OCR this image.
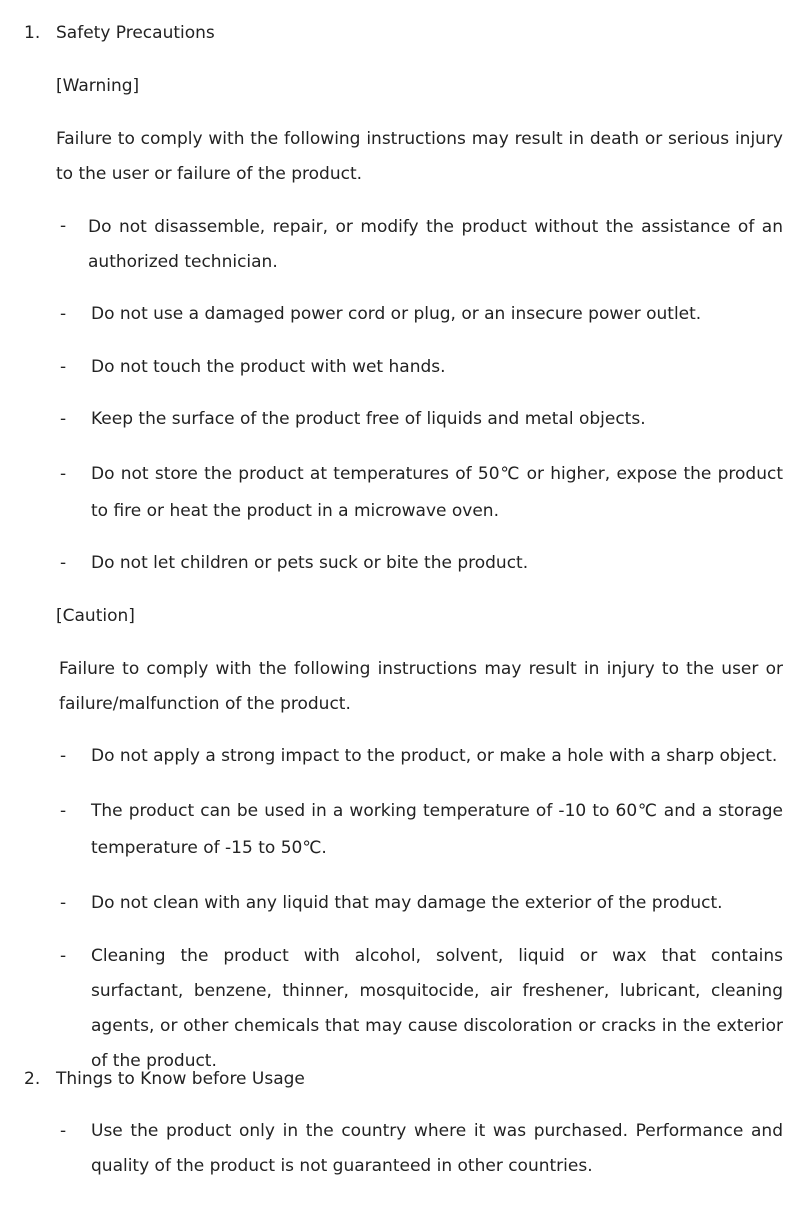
1. Safety Precautions
[Warning]
Failure to comply with the following instructions may result in death or serious injury to the user or failure of the product.
- Do not disassemble, repair, or modify the product without the assistance of an authorized technician.
- Do not use a damaged power cord or plug, or an insecure power outlet.
- Do not touch the product with wet hands.
- Keep the surface of the product free of liquids and metal objects.
- Do not store the product at temperatures of 50℃ or higher, expose the product to fire or heat the product in a microwave oven.
- Do not let children or pets suck or bite the product.
[Caution]
Failure to comply with the following instructions may result in injury to the user or failure/malfunction of the product.
- Do not apply a strong impact to the product, or make a hole with a sharp object.
- The product can be used in a working temperature of -10 to 60℃ and a storage temperature of -15 to 50℃.
- Do not clean with any liquid that may damage the exterior of the product.
- Cleaning the product with alcohol, solvent, liquid or wax that contains surfactant, benzene, thinner, mosquitocide, air freshener, lubricant, cleaning agents, or other chemicals that may cause discoloration or cracks in the exterior of the product.
2. Things to Know before Usage
- Use the product only in the country where it was purchased. Performance and quality of the product is not guaranteed in other countries.
